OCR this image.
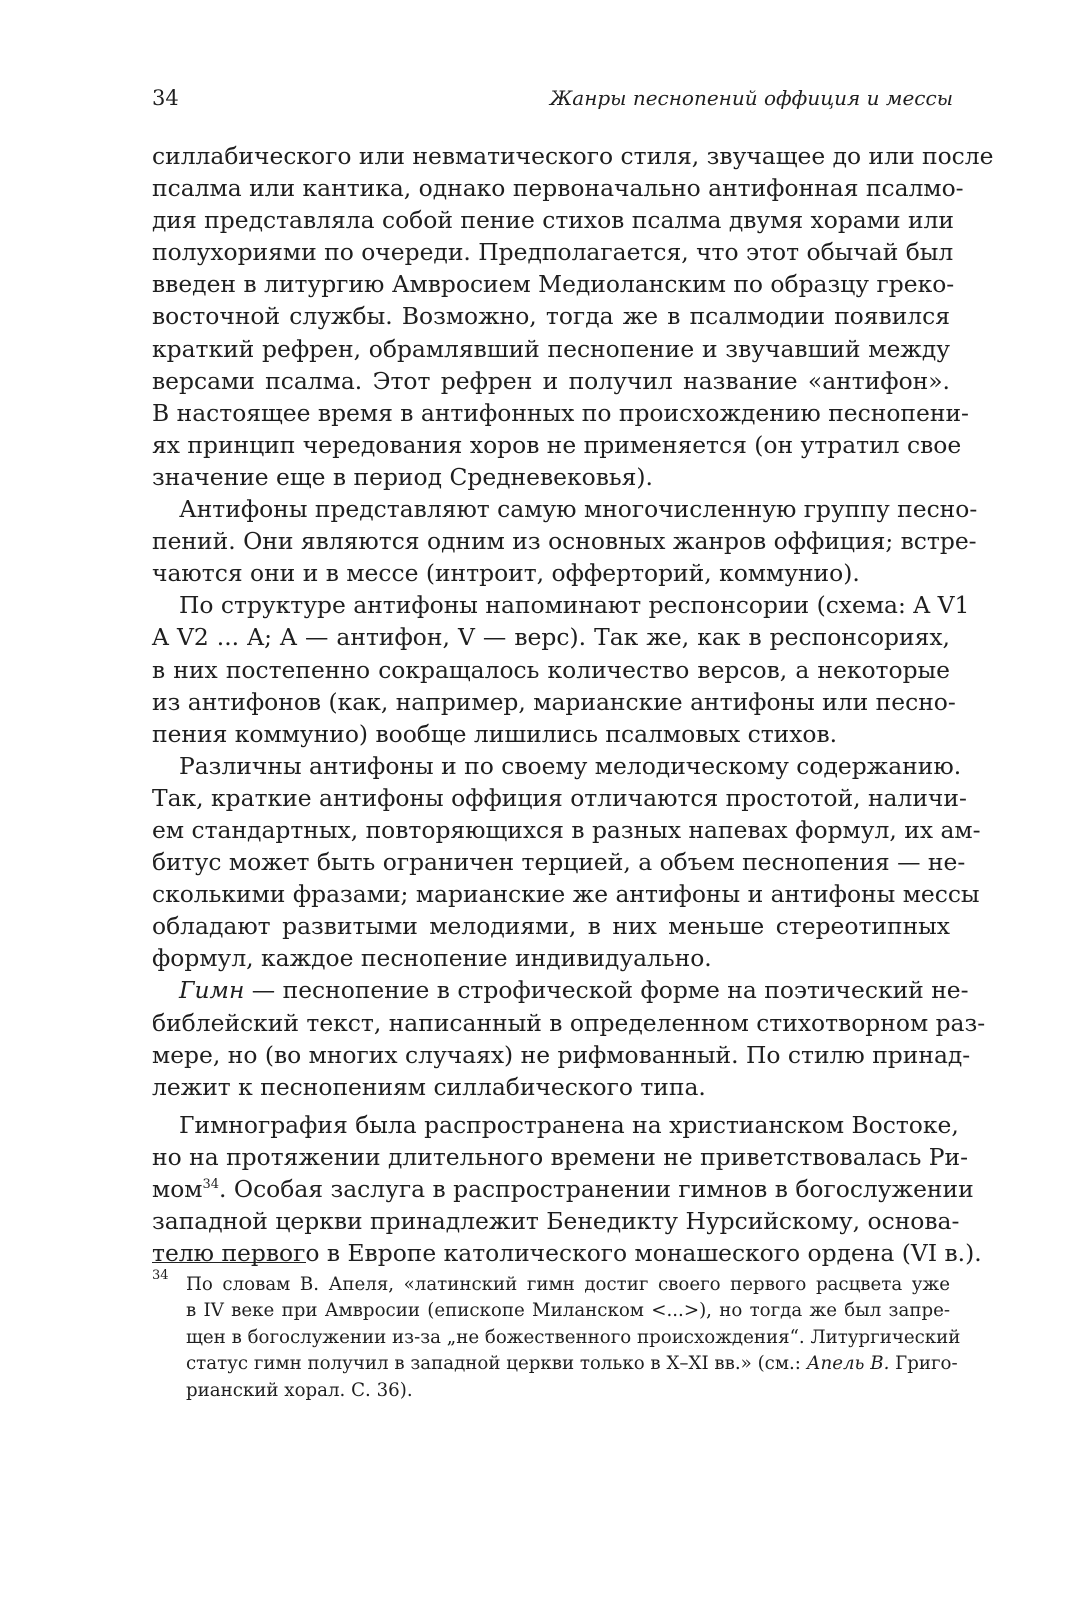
34	Жанры песнопений оффиция и мессы
силлабического или невматического стиля, звучащее до или после
псалма или кантика, однако первоначально антифонная псалмо-
дия представляла собой пение стихов псалма двумя хорами или
полухориями по очереди. Предполагается, что этот обычай был
введен в литургию Амвросием Медиоланским по образцу греко-
восточной службы. Возможно, тогда же в псалмодии появился
краткий рефрен, обрамлявший песнопение и звучавший между
версами псалма. Этот рефрен и получил название «антифон».
В настоящее время в антифонных по происхождению песнопени-
ях принцип чередования хоров не применяется (он утратил свое
значение еще в период Средневековья).
Антифоны представляют самую многочисленную группу песно-
пений. Они являются одним из основных жанров оффиция; встре-
чаются они и в мессе (интроит, офферторий, коммунио).
По структуре антифоны напоминают респонсории (схема: A V1
A V2 ... A; A — антифон, V — верс). Так же, как в респонсориях,
в них постепенно сокращалось количество версов, а некоторые
из антифонов (как, например, марианские антифоны или песно-
пения коммунио) вообще лишились псалмовых стихов.
Различны антифоны и по своему мелодическому содержанию.
Так, краткие антифоны оффиция отличаются простотой, наличи-
ем стандартных, повторяющихся в разных напевах формул, их ам-
битус может быть ограничен терцией, а объем песнопения — не-
сколькими фразами; марианские же антифоны и антифоны мессы
обладают развитыми мелодиями, в них меньше стереотипных
формул, каждое песнопение индивидуально.
Гимн — песнопение в строфической форме на поэтический не-
библейский текст, написанный в определенном стихотворном раз-
мере, но (во многих случаях) не рифмованный. По стилю принад-
лежит к песнопениям силлабического типа.
Гимнография была распространена на христианском Востоке,
но на протяжении длительного времени не приветствовалась Ри-
мом$^{34}$. Особая заслуга в распространении гимнов в богослужении
западной церкви принадлежит Бенедикту Нурсийскому, основа-
телю первого в Европе католического монашеского ордена (VI в.).
34 По словам В. Апеля, «латинский гимн достиг своего первого расцвета уже
в IV веке при Амвросии (епископе Миланском <...>), но тогда же был запре-
щен в богослужении из-за „не божественного происхождения“. Литургический
статус гимн получил в западной церкви только в X–XI вв.» (см.: Апель В. Григо-
рианский хорал. С. 36).
